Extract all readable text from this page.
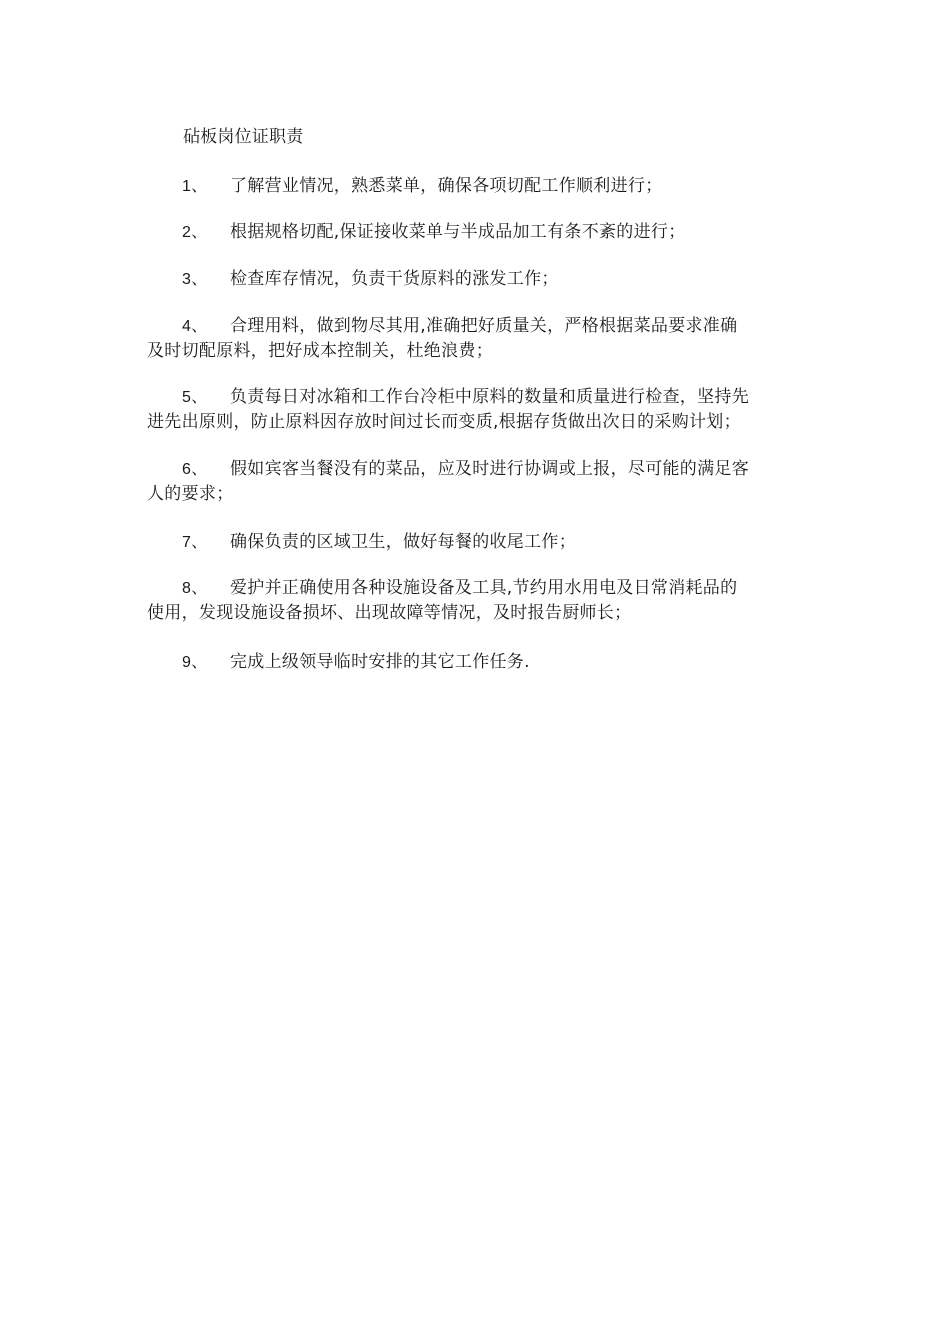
砧板岗位证职责
1、 了解营业情况，熟悉菜单，确保各项切配工作顺利进行；
2、 根据规格切配,保证接收菜单与半成品加工有条不紊的进行；
3、 检查库存情况，负责干货原料的涨发工作；
4、 合理用料，做到物尽其用,准确把好质量关，严格根据菜品要求准确
及时切配原料，把好成本控制关，杜绝浪费；
5、 负责每日对冰箱和工作台冷柜中原料的数量和质量进行检查，坚持先
进先出原则，防止原料因存放时间过长而变质,根据存货做出次日的采购计划；
6、 假如宾客当餐没有的菜品，应及时进行协调或上报，尽可能的满足客
人的要求；
7、 确保负责的区域卫生，做好每餐的收尾工作；
8、 爱护并正确使用各种设施设备及工具,节约用水用电及日常消耗品的
使用，发现设施设备损坏、出现故障等情况，及时报告厨师长；
9、 完成上级领导临时安排的其它工作任务.
